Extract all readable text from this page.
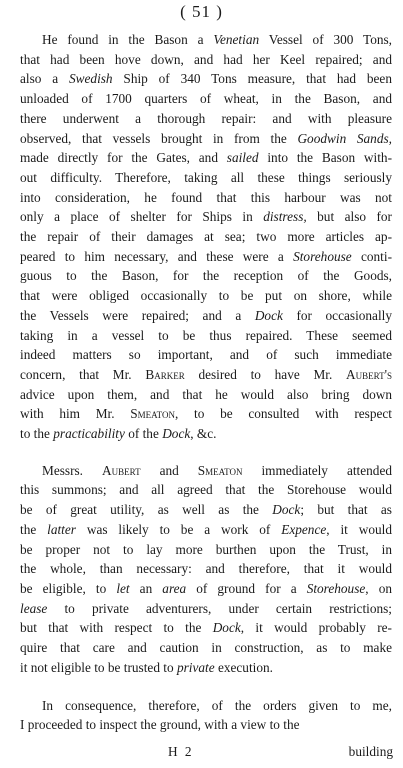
( 51 )
He found in the Bason a Venetian Vessel of 300 Tons,
that had been hove down, and had her Keel repaired; and
also a Swedish Ship of 340 Tons measure, that had been
unloaded of 1700 quarters of wheat, in the Bason, and
there underwent a thorough repair: and with pleasure
observed, that vessels brought in from the Goodwin Sands,
made directly for the Gates, and sailed into the Bason with-
out difficulty. Therefore, taking all these things seriously
into consideration, he found that this harbour was not
only a place of shelter for Ships in distress, but also for
the repair of their damages at sea; two more articles ap-
peared to him necessary, and these were a Storehouse conti-
guous to the Bason, for the reception of the Goods,
that were obliged occasionally to be put on shore, while
the Vessels were repaired; and a Dock for occasionally
taking in a vessel to be thus repaired. These seemed
indeed matters so important, and of such immediate
concern, that Mr. Barker desired to have Mr. Aubert's
advice upon them, and that he would also bring down
with him Mr. Smeaton, to be consulted with respect
to the practicability of the Dock, &c.
Messrs. Aubert and Smeaton immediately attended
this summons; and all agreed that the Storehouse would
be of great utility, as well as the Dock; but that as
the latter was likely to be a work of Expence, it would
be proper not to lay more burthen upon the Trust, in
the whole, than necessary: and therefore, that it would
be eligible, to let an area of ground for a Storehouse, on
lease to private adventurers, under certain restrictions;
but that with respect to the Dock, it would probably re-
quire that care and caution in construction, as to make
it not eligible to be trusted to private execution.
In consequence, therefore, of the orders given to me,
I proceeded to inspect the ground, with a view to the
H 2	building
